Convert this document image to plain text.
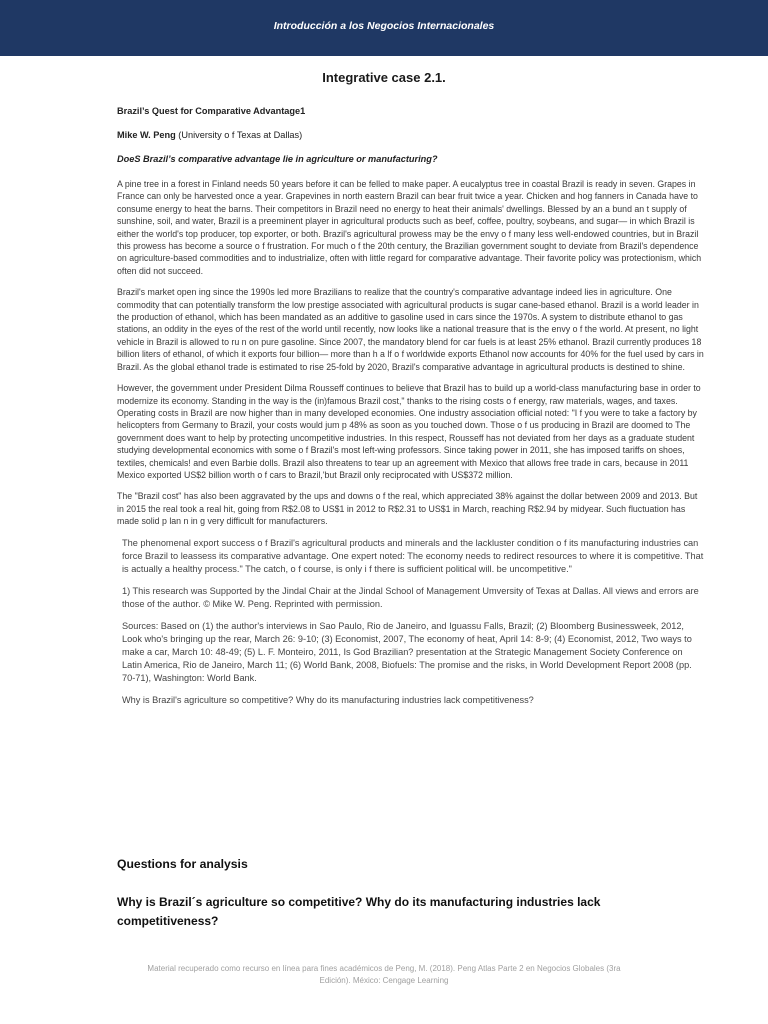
Introducción a los Negocios Internacionales
Integrative case 2.1.

Brazil’s Quest for Comparative Advantage1

Mike W. Peng (University o f Texas at Dallas)

DoeS Brazil’s comparative advantage lie in agriculture or manufacturing?

A pine tree in a forest in Finland needs 50 years before it can be felled to make paper. A eucalyptus tree in coastal Brazil is ready in seven. Grapes in France can only be harvested once a year. Grapevines in north eastern Brazil can bear fruit twice a year. Chicken and hog fanners in Canada have to consume energy to heat the barns. Their competitors in Brazil need no energy to heat their animals' dwellings. Blessed by an a bund an t supply of sunshine, soil, and water, Brazil is a preeminent player in agricultural products such as beef, coffee, poultry, soybeans, and sugar— in which Brazil is either the world's top producer, top exporter, or both. Brazil's agricultural prowess may be the envy o f many less well-endowed countries, but in Brazil this prowess has become a source o f frustration. For much o f the 20th century, the Brazilian government sought to deviate from Brazil's dependence on agriculture-based commodities and to industrialize, often with little regard for comparative advantage. Their favorite policy was protectionism, which often did not succeed.

Brazil's market open ing since the 1990s led more Brazilians to realize that the country's comparative advantage indeed lies in agriculture. One commodity that can potentially transform the low prestige associated with agricultural products is sugar cane-based ethanol. Brazil is a world leader in the production of ethanol, which has been mandated as an additive to gasoline used in cars since the 1970s. A system to distribute ethanol to gas stations, an oddity in the eyes of the rest of the world until recently, now looks like a national treasure that is the envy o f the world. At present, no light vehicle in Brazil is allowed to ru n on pure gasoline. Since 2007, the mandatory blend for car fuels is at least 25% ethanol. Brazil currently produces 18 billion liters of ethanol, of which it exports four billion— more than h a lf o f worldwide exports Ethanol now accounts for 40% for the fuel used by cars in Brazil. As the global ethanol trade is estimated to rise 25-fold by 2020, Brazil's comparative advantage in agricultural products is destined to shine.

However, the government under President Dilma Rousseff continues to believe that Brazil has to build up a world-class manufacturing base in order to modernize its economy. Standing in the way is the (in)famous Brazil cost," thanks to the rising costs o f energy, raw materials, wages, and taxes. Operating costs in Brazil are now higher than in many developed economies. One industry association official noted: "I f you were to take a factory by helicopters from Germany to Brazil, your costs would jum p 48% as soon as you touched down. Those o f us producing in Brazil are doomed to The government does want to help by protecting uncompetitive industries. In this respect, Rousseff has not deviated from her days as a graduate student studying developmental economics with some o f Brazil's most left-wing professors. Since taking power in 2011, she has imposed tariffs on shoes, textiles, chemicals! and even Barbie dolls. Brazil also threatens to tear up an agreement with Mexico that allows free trade in cars, because in 2011 Mexico exported US$2 billion worth o f cars to Brazil,'but Brazil only reciprocated with US$372 million.

The "Brazil cost" has also been aggravated by the ups and downs o f the real, which appreciated 38% against the dollar between 2009 and 2013. But in 2015 the real took a real hit, going from R$2.08 to US$1 in 2012 to R$2.31 to US$1 in March, reaching R$2.94 by midyear. Such fluctuation has made solid p lan n in g very difficult for manufacturers.

The phenomenal export success o f Brazil's agricultural products and minerals and the lackluster condition o f its manufacturing industries can force Brazil to leassess its comparative advantage. One expert noted: The economy needs to redirect resources to where it is competitive. That is actually a healthy process." The catch, o f course, is only i f there is sufficient political will. be uncompetitive."

1) This research was Supported by the Jindal Chair at the Jindal School of Management Umversity of Texas at Dallas. All views and errors are those of the author. © Mike W. Peng. Reprinted with permission.

Sources: Based on (1) the author's interviews in Sao Paulo, Rio de Janeiro, and Iguassu Falls, Brazil; (2) Bloomberg Businessweek, 2012, Look who's bringing up the rear, March 26: 9-10; (3) Economist, 2007, The economy of heat, April 14: 8-9; (4) Economist, 2012, Two ways to make a car, March 10: 48-49; (5) L. F. Monteiro, 2011, Is God Brazilian? presentation at the Strategic Management Society Conference on Latin America, Rio de Janeiro, March 11; (6) World Bank, 2008, Biofuels: The promise and the risks, in World Development Report 2008 (pp. 70-71), Washington: World Bank.

Why is Brazil's agriculture so competitive? Why do its manufacturing industries lack competitiveness?

Questions for analysis
Why is Brazil´s agriculture so competitive? Why do its manufacturing industries lack competitiveness?
Material recuperado como recurso en línea para fines académicos de Peng, M. (2018). Peng Atlas Parte 2 en Negocios Globales (3ra
Edición). México: Cengage Learning
